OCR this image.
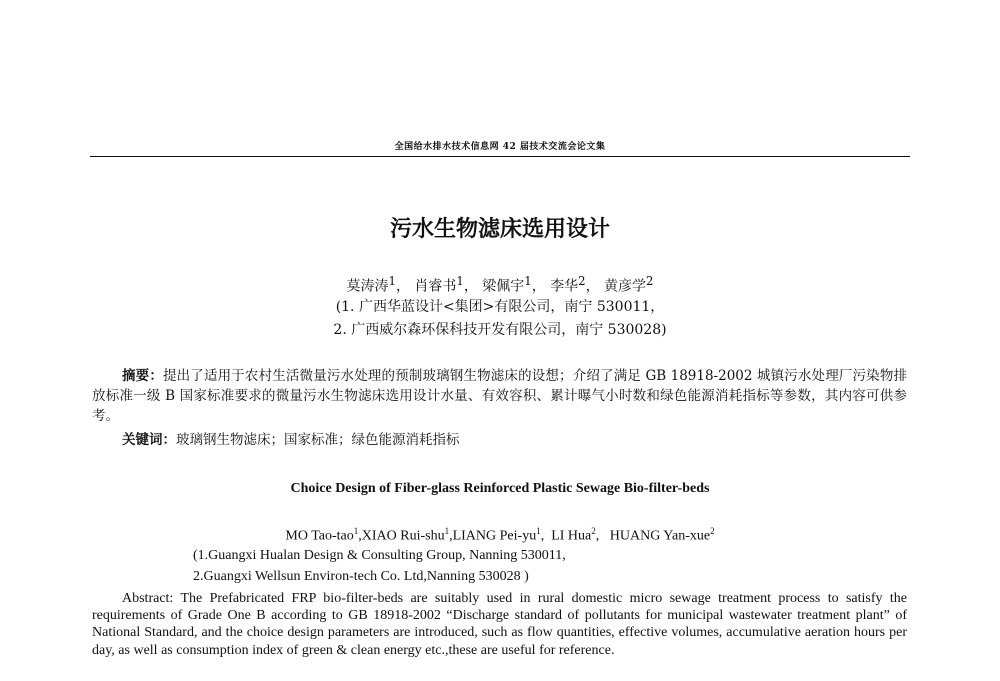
全国给水排水技术信息网 42 届技术交流会论文集
污水生物滤床选用设计
莫涛涛$^1$， 肖睿书$^1$， 梁佩宇$^1$， 李华$^2$， 黄彦学$^2$
(1. 广西华蓝设计<集团>有限公司，南宁 530011，
2. 广西威尔森环保科技开发有限公司，南宁 530028)
摘要：提出了适用于农村生活微量污水处理的预制玻璃钢生物滤床的设想；介绍了满足 GB 18918-2002 城镇污水处理厂污染物排放标准一级 B 国家标准要求的微量污水生物滤床选用设计水量、有效容积、累计曝气小时数和绿色能源消耗指标等参数，其内容可供参考。
关键词：玻璃钢生物滤床；国家标准；绿色能源消耗指标
Choice Design of Fiber-glass Reinforced Plastic Sewage Bio-filter-beds
MO Tao-tao$^1$,XIAO Rui-shu$^1$,LIANG Pei-$yu^1$,  LI Hua$^2$,   HUANG Yan-xue$^2$
(1.Guangxi Hualan Design & Consulting Group, Nanning 530011,
2.Guangxi Wellsun Environ-tech Co. Ltd,Nanning 530028 )
Abstract: The Prefabricated FRP bio-filter-beds are suitably used in rural domestic micro sewage treatment process to satisfy the requirements of Grade One B according to GB 18918-2002 “Discharge standard of pollutants for municipal wastewater treatment plant” of National Standard, and the choice design parameters are introduced, such as flow quantities, effective volumes, accumulative aeration hours per day, as well as consumption index of green & clean energy etc.,these are useful for reference.
